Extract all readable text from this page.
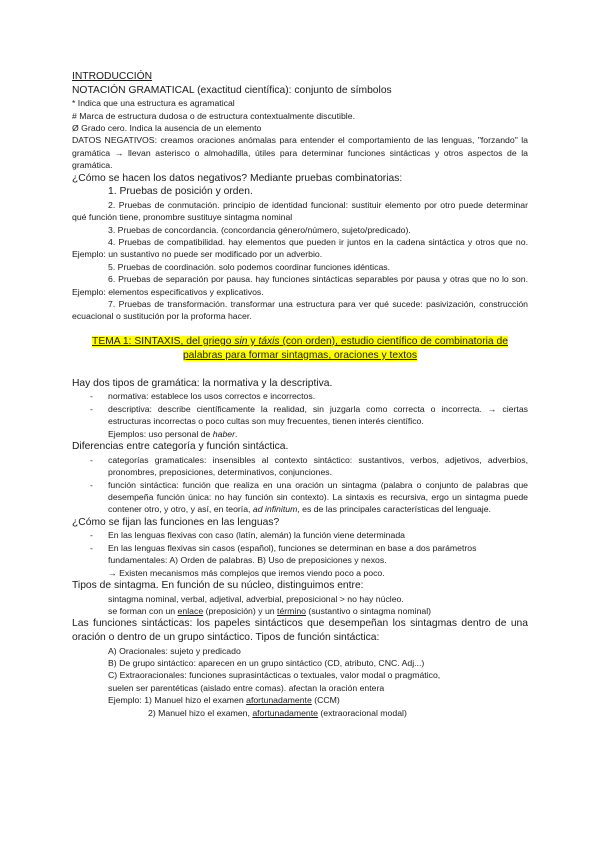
INTRODUCCIÓN

NOTACIÓN GRAMATICAL (exactitud científica): conjunto de símbolos

* Indica que una estructura es agramatical

# Marca de estructura dudosa o de estructura contextualmente discutible.

Ø Grado cero. Indica la ausencia de un elemento

DATOS NEGATIVOS: creamos oraciones anómalas para entender el comportamiento de las lenguas, "forzando" la gramática → llevan asterisco o almohadilla, útiles para determinar funciones sintácticas y otros aspectos de la gramática.

¿Cómo se hacen los datos negativos? Mediante pruebas combinatorias:

1. Pruebas de posición y orden.

2. Pruebas de conmutación. principio de identidad funcional: sustituir elemento por otro puede determinar qué función tiene, pronombre sustituye sintagma nominal

3. Pruebas de concordancia. (concordancia género/número, sujeto/predicado).

4. Pruebas de compatibilidad. hay elementos que pueden ir juntos en la cadena sintáctica y otros que no. Ejemplo: un sustantivo no puede ser modificado por un adverbio.

5. Pruebas de coordinación. solo podemos coordinar funciones idénticas.

6. Pruebas de separación por pausa. hay funciones sintácticas separables por pausa y otras que no lo son. Ejemplo: elementos especificativos y explicativos.

7. Pruebas de transformación. transformar una estructura para ver qué sucede: pasivización, construcción ecuacional o sustitución por la proforma hacer.

TEMA 1: SINTAXIS, del griego sin y táxis (con orden), estudio científico de combinatoria de palabras para formar sintagmas, oraciones y textos

Hay dos tipos de gramática: la normativa y la descriptiva.

- normativa: establece los usos correctos e incorrectos.

- descriptiva: describe científicamente la realidad, sin juzgarla como correcta o incorrecta. → ciertas estructuras incorrectas o poco cultas son muy frecuentes, tienen interés científico.

Ejemplos: uso personal de haber.

Diferencias entre categoría y función sintáctica.

- categorías gramaticales: insensibles al contexto sintáctico: sustantivos, verbos, adjetivos, adverbios, pronombres, preposiciones, determinativos, conjunciones.

- función sintáctica: función que realiza en una oración un sintagma (palabra o conjunto de palabras que desempeña función única: no hay función sin contexto). La sintaxis es recursiva, ergo un sintagma puede contener otro, y otro, y así, en teoría, ad infinitum, es de las principales características del lenguaje.

¿Cómo se fijan las funciones en las lenguas?

- En las lenguas flexivas con caso (latín, alemán) la función viene determinada

- En las lenguas flexivas sin casos (español), funciones se determinan en base a dos parámetros fundamentales: A) Orden de palabras. B) Uso de preposiciones y nexos.

→ Existen mecanismos más complejos que iremos viendo poco a poco.

Tipos de sintagma. En función de su núcleo, distinguimos entre:

sintagma nominal, verbal, adjetival, adverbial, preposicional > no hay núcleo.

se forman con un enlace (preposición) y un término (sustantivo o sintagma nominal)

Las funciones sintácticas: los papeles sintácticos que desempeñan los sintagmas dentro de una oración o dentro de un grupo sintáctico. Tipos de función sintáctica:

A) Oracionales: sujeto y predicado

B) De grupo sintáctico: aparecen en un grupo sintáctico (CD, atributo, CNC. Adj...)

C) Extraoracionales: funciones suprasintácticas o textuales, valor modal o pragmático,

suelen ser parentéticas (aislado entre comas). afectan la oración entera

Ejemplo: 1) Manuel hizo el examen afortunadamente (CCM)

2) Manuel hizo el examen, afortunadamente (extraoracional modal)
